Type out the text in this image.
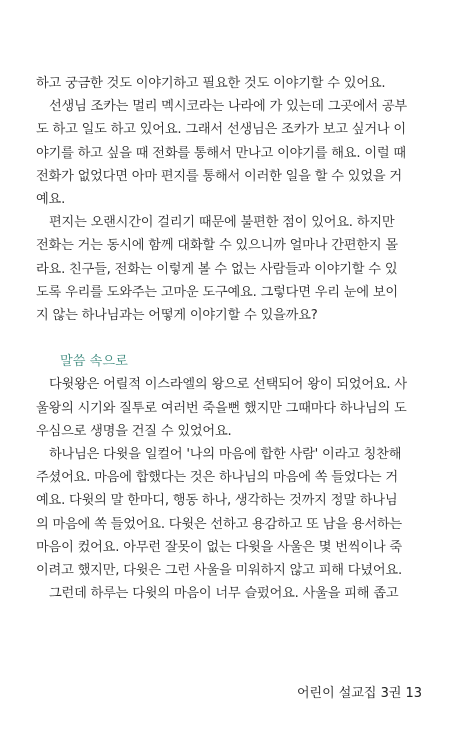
하고 궁금한 것도 이야기하고 필요한 것도 이야기할 수 있어요.
선생님 조카는 멀리 멕시코라는 나라에 가 있는데 그곳에서 공부
도 하고 일도 하고 있어요. 그래서 선생님은 조카가 보고 싶거나 이
야기를 하고 싶을 때 전화를 통해서 만나고 이야기를 해요. 이럴 때
전화가 없었다면 아마 편지를 통해서 이러한 일을 할 수 있었을 거
예요.
편지는 오랜시간이 걸리기 때문에 불편한 점이 있어요. 하지만
전화는 거는 동시에 함께 대화할 수 있으니까 얼마나 간편한지 몰
라요. 친구들, 전화는 이렇게 볼 수 없는 사람들과 이야기할 수 있
도록 우리를 도와주는 고마운 도구예요. 그렇다면 우리 눈에 보이
지 않는 하나님과는 어떻게 이야기할 수 있을까요?
말씀 속으로
다윗왕은 어릴적 이스라엘의 왕으로 선택되어 왕이 되었어요. 사
울왕의 시기와 질투로 여러번 죽을뻔 했지만 그때마다 하나님의 도
우심으로 생명을 건질 수 있었어요.
하나님은 다윗을 일컬어 '나의 마음에 합한 사람' 이라고 칭찬해
주셨어요. 마음에 합했다는 것은 하나님의 마음에 쏙 들었다는 거
예요. 다윗의 말 한마디, 행동 하나, 생각하는 것까지 정말 하나님
의 마음에 쏙 들었어요. 다윗은 선하고 용감하고 또 남을 용서하는
마음이 컸어요. 아무런 잘못이 없는 다윗을 사울은 몇 번씩이나 죽
이려고 했지만, 다윗은 그런 사울을 미워하지 않고 피해 다녔어요.
그런데 하루는 다윗의 마음이 너무 슬펐어요. 사울을 피해 좁고
어린이 설교집 3권 13
